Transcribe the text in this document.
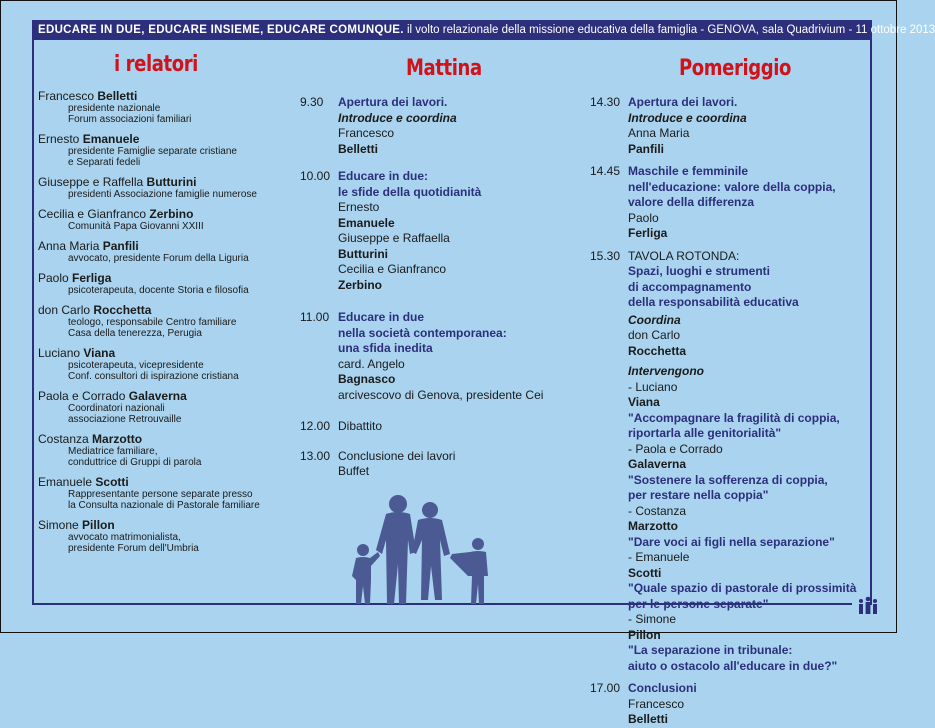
EDUCARE IN DUE, EDUCARE INSIEME, EDUCARE COMUNQUE. il volto relazionale della missione educativa della famiglia - GENOVA, sala Quadrivium - 11 ottobre 2013
i relatori	Mattina	Pomeriggio
Francesco Belletti
presidente nazionale
Forum associazioni familiari
Ernesto Emanuele
presidente Famiglie separate cristiane
e Separati fedeli
Giuseppe e Raffella Butturini
presidenti Associazione famiglie numerose
Cecilia e Gianfranco Zerbino
Comunità Papa Giovanni XXIII
Anna Maria Panfili
avvocato, presidente Forum della Liguria
Paolo Ferliga
psicoterapeuta, docente Storia e filosofia
don Carlo Rocchetta
teologo, responsabile Centro familiare
Casa della tenerezza, Perugia
Luciano Viana
psicoterapeuta, vicepresidente
Conf. consultori di ispirazione cristiana
Paola e Corrado Galaverna
Coordinatori nazionali
associazione Retrouvaille
Costanza Marzotto
Mediatrice familiare,
conduttrice di Gruppi di parola
Emanuele Scotti
Rappresentante persone separate presso
la Consulta nazionale di Pastorale familiare
Simone Pillon
avvocato matrimonialista,
presidente Forum dell'Umbria
9.30	Apertura dei lavori.
Introduce e coordina
Francesco
Belletti
10.00 Educare in due:
le sfide della quotidianità
Ernesto
Emanuele
Giuseppe e Raffaella
Butturini
Cecilia e Gianfranco
Zerbino
11.00 Educare in due
nella società contemporanea:
una sfida inedita
card. Angelo
Bagnasco
arcivescovo di Genova, presidente Cei
12.00 Dibattito
13.00 Conclusione dei lavori
Buffet
14.30 Apertura dei lavori.
Introduce e coordina
Anna Maria
Panfili
14.45 Maschile e femminile
nell'educazione: valore della coppia,
valore della differenza
Paolo
Ferliga
15.30 TAVOLA ROTONDA:
Spazi, luoghi e strumenti
di accompagnamento
della responsabilità educativa
Coordina
don Carlo
Rocchetta
Intervengono
- Luciano
Viana
"Accompagnare la fragilità di coppia,
riportarla alle genitorialità"
- Paola e Corrado
Galaverna
"Sostenere la sofferenza di coppia,
per restare nella coppia"
- Costanza
Marzotto
"Dare voci ai figli nella separazione"
- Emanuele
Scotti
"Quale spazio di pastorale di prossimità
per le persone separate"
- Simone
Pillon
"La separazione in tribunale:
aiuto o ostacolo all'educare in due?"
17.00 Conclusioni
Francesco
Belletti
